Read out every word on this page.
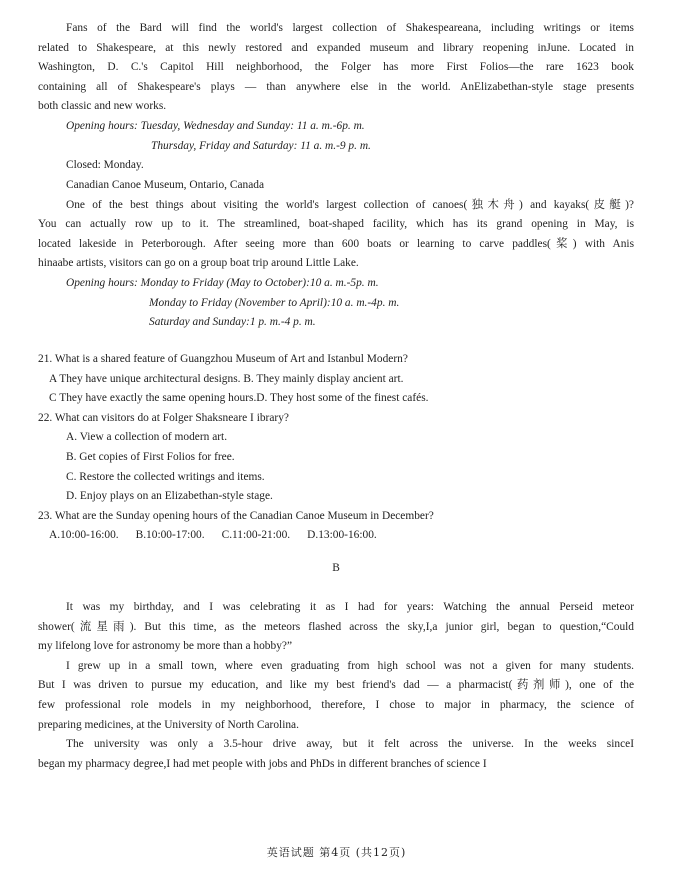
Fans of the Bard will find the world's largest collection of Shakespeareana, including writings or items

related to Shakespeare, at this newly restored and expanded museum and library reopening inJune. Located in

Washington, D. C.'s Capitol Hill neighborhood, the Folger has more First Folios—the rare 1623 book

containing all of Shakespeare's plays — than anywhere else in the world. AnElizabethan-style stage presents

both classic and new works.

Opening hours: Tuesday, Wednesday and Sunday: 11 a. m.-6p. m.

Thursday, Friday and Saturday: 11 a. m.-9 p. m.

Closed: Monday.

Canadian Canoe Museum, Ontario, Canada

One of the best things about visiting the world's largest collection of canoes(独木舟) and kayaks(皮艇)?

You can actually row up to it. The streamlined, boat-shaped facility, which has its grand opening in May, is

located lakeside in Peterborough. After seeing more than 600 boats or learning to carve paddles(桨) with Anis

hinaabe artists, visitors can go on a group boat trip around Little Lake.

Opening hours: Monday to Friday (May to October):10 a. m.-5p. m.

Monday to Friday (November to April):10 a. m.-4p. m.

Saturday and Sunday:1 p. m.-4 p. m.

21. What is a shared feature of Guangzhou Museum of Art and Istanbul Modern?

A They have unique architectural designs. B. They mainly display ancient art.

C They have exactly the same opening hours.D. They host some of the finest cafés.

22. What can visitors do at Folger Shaksneare I ibrary?

A. View a collection of modern art.

B. Get copies of First Folios for free.

C. Restore the collected writings and items.

D. Enjoy plays on an Elizabethan-style stage.

23. What are the Sunday opening hours of the Canadian Canoe Museum in December?

A.10:00-16:00. B.10:00-17:00. C.11:00-21:00. D.13:00-16:00.

B

It was my birthday, and I was celebrating it as I had for years: Watching the annual Perseid meteor

shower(流星雨). But this time, as the meteors flashed across the sky,I,a junior girl, began to question,“Could

my lifelong love for astronomy be more than a hobby?”

I grew up in a small town, where even graduating from high school was not a given for many students.

But I was driven to pursue my education, and like my best friend's dad — a pharmacist(药剂师), one of the

few professional role models in my neighborhood, therefore, I chose to major in pharmacy, the science of

preparing medicines, at the University of North Carolina.

The university was only a 3.5-hour drive away, but it felt across the universe. In the weeks sinceI

began my pharmacy degree,I had met people with jobs and PhDs in different branches of science I

英语试题 第4页 (共12页)
